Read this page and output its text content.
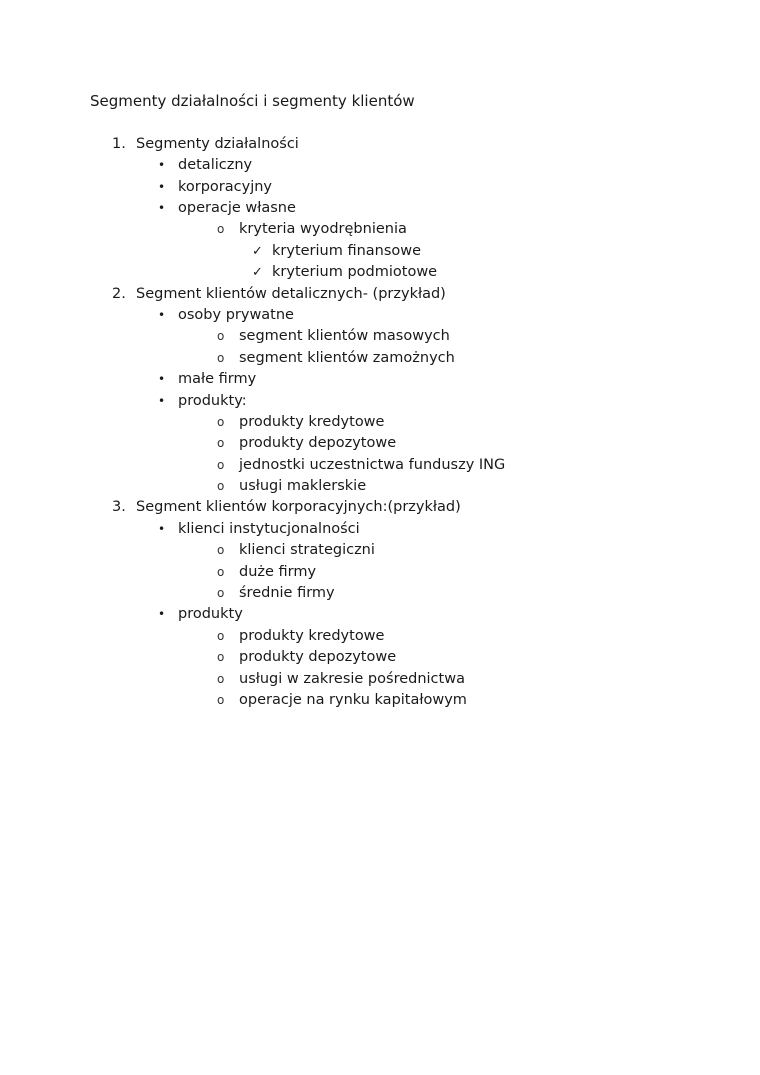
Segmenty działalności i segmenty klientów
1. Segmenty działalności
• detaliczny
• korporacyjny
• operacje własne
o kryteria wyodrębnienia
✓ kryterium finansowe
✓ kryterium podmiotowe
2. Segment klientów detalicznych- (przykład)
• osoby prywatne
o segment klientów masowych
o segment klientów zamożnych
• małe firmy
• produkty:
o produkty kredytowe
o produkty depozytowe
o jednostki uczestnictwa funduszy ING
o usługi maklerskie
3. Segment klientów korporacyjnych:(przykład)
• klienci instytucjonalności
o klienci strategiczni
o duże firmy
o średnie firmy
• produkty
o produkty kredytowe
o produkty depozytowe
o usługi w zakresie pośrednictwa
o operacje na rynku kapitałowym
